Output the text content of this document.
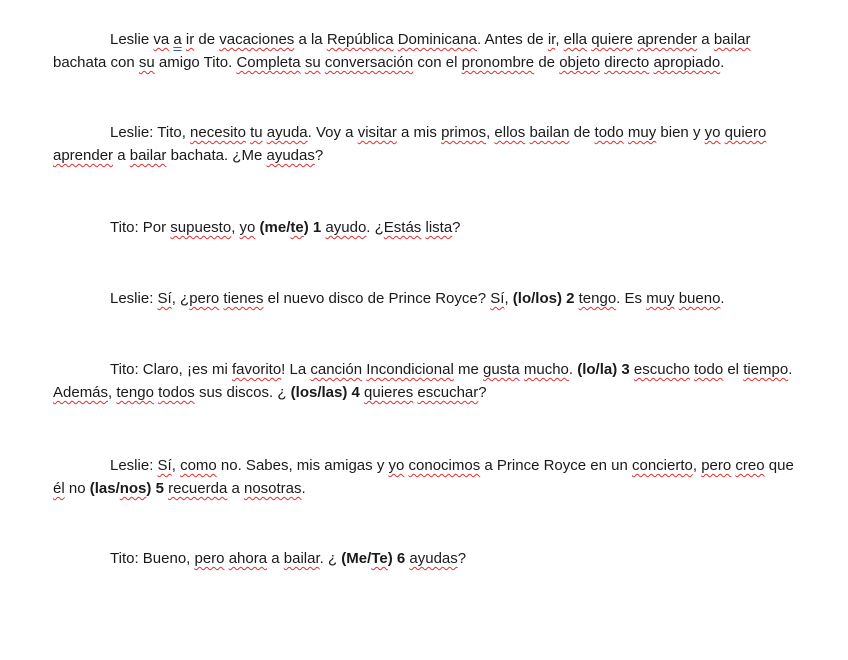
Leslie va a ir de vacaciones a la República Dominicana. Antes de ir, ella quiere aprender a bailar bachata con su amigo Tito. Completa su conversación con el pronombre de objeto directo apropiado.

Leslie: Tito, necesito tu ayuda. Voy a visitar a mis primos, ellos bailan de todo muy bien y yo quiero aprender a bailar bachata. ¿Me ayudas?

Tito: Por supuesto, yo (me/te) 1 ayudo. ¿Estás lista?

Leslie: Sí, ¿pero tienes el nuevo disco de Prince Royce? Sí, (lo/los) 2 tengo. Es muy bueno.

Tito: Claro, ¡es mi favorito! La canción Incondicional me gusta mucho. (lo/la) 3 escucho todo el tiempo. Además, tengo todos sus discos. ¿ (los/las) 4 quieres escuchar?

Leslie: Sí, como no. Sabes, mis amigas y yo conocimos a Prince Royce en un concierto, pero creo que él no (las/nos) 5 recuerda a nosotras.

Tito: Bueno, pero ahora a bailar. ¿ (Me/Te) 6 ayudas?
